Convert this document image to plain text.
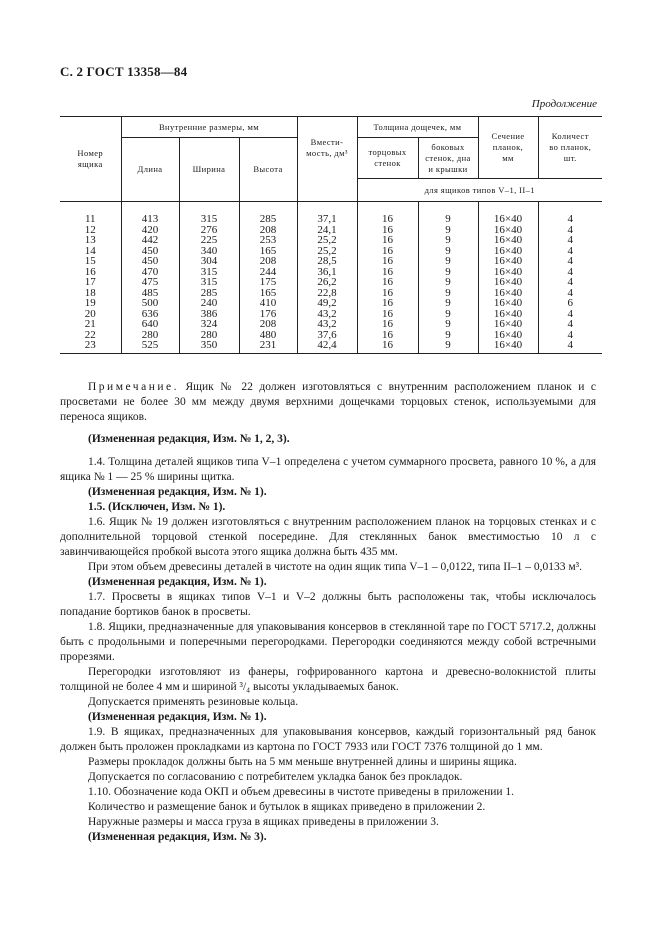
С. 2 ГОСТ 13358—84
Продолжение
Номер
ящика	Внутренние размеры, мм			Вмести-
мость, дм³	Толщина дощечек, мм		Сечение
планок,
мм	Количест
во планок,
шт.
	Длина	Ширина	Высота		торцовых
стенок	боковых
стенок, дна
и крышки		
					для ящиков типов V–1, II–1			

11	413	315	285	37,1	16	9	16×40	4
12	420	276	208	24,1	16	9	16×40	4
13	442	225	253	25,2	16	9	16×40	4
14	450	340	165	25,2	16	9	16×40	4
15	450	304	208	28,5	16	9	16×40	4
16	470	315	244	36,1	16	9	16×40	4
17	475	315	175	26,2	16	9	16×40	4
18	485	285	165	22,8	16	9	16×40	4
19	500	240	410	49,2	16	9	16×40	6
20	636	386	176	43,2	16	9	16×40	4
21	640	324	208	43,2	16	9	16×40	4
22	280	280	480	37,6	16	9	16×40	4
23	525	350	231	42,4	16	9	16×40	4

Примечание. Ящик № 22 должен изготовляться с внутренним расположением планок и с просветами не более 30 мм между двумя верхними дощечками торцовых стенок, используемыми для переноса ящиков.

(Измененная редакция, Изм. № 1, 2, 3).

1.4. Толщина деталей ящиков типа V–1 определена с учетом суммарного просвета, равного 10 %, а для ящика № 1 — 25 % ширины щитка.

(Измененная редакция, Изм. № 1).

1.5. (Исключен, Изм. № 1).

1.6. Ящик № 19 должен изготовляться с внутренним расположением планок на торцовых стенках и с дополнительной торцовой стенкой посередине. Для стеклянных банок вместимостью 10 л с завинчивающейся пробкой высота этого ящика должна быть 435 мм.

При этом объем древесины деталей в чистоте на один ящик типа V–1 – 0,0122, типа II–1 – 0,0133 м³.

(Измененная редакция, Изм. № 1).

1.7. Просветы в ящиках типов V–1 и V–2 должны быть расположены так, чтобы исключалось попадание бортиков банок в просветы.

1.8. Ящики, предназначенные для упаковывания консервов в стеклянной таре по ГОСТ 5717.2, должны быть с продольными и поперечными перегородками. Перегородки соединяются между собой встречными прорезями.

Перегородки изготовляют из фанеры, гофрированного картона и древесно-волокнистой плиты толщиной не более 4 мм и шириной ³/₄ высоты укладываемых банок.

Допускается применять резиновые кольца.

(Измененная редакция, Изм. № 1).

1.9. В ящиках, предназначенных для упаковывания консервов, каждый горизонтальный ряд банок должен быть проложен прокладками из картона по ГОСТ 7933 или ГОСТ 7376 толщиной до 1 мм.

Размеры прокладок должны быть на 5 мм меньше внутренней длины и ширины ящика.

Допускается по согласованию с потребителем укладка банок без прокладок.

1.10. Обозначение кода ОКП и объем древесины в чистоте приведены в приложении 1.

Количество и размещение банок и бутылок в ящиках приведено в приложении 2.

Наружные размеры и масса груза в ящиках приведены в приложении 3.

(Измененная редакция, Изм. № 3).
